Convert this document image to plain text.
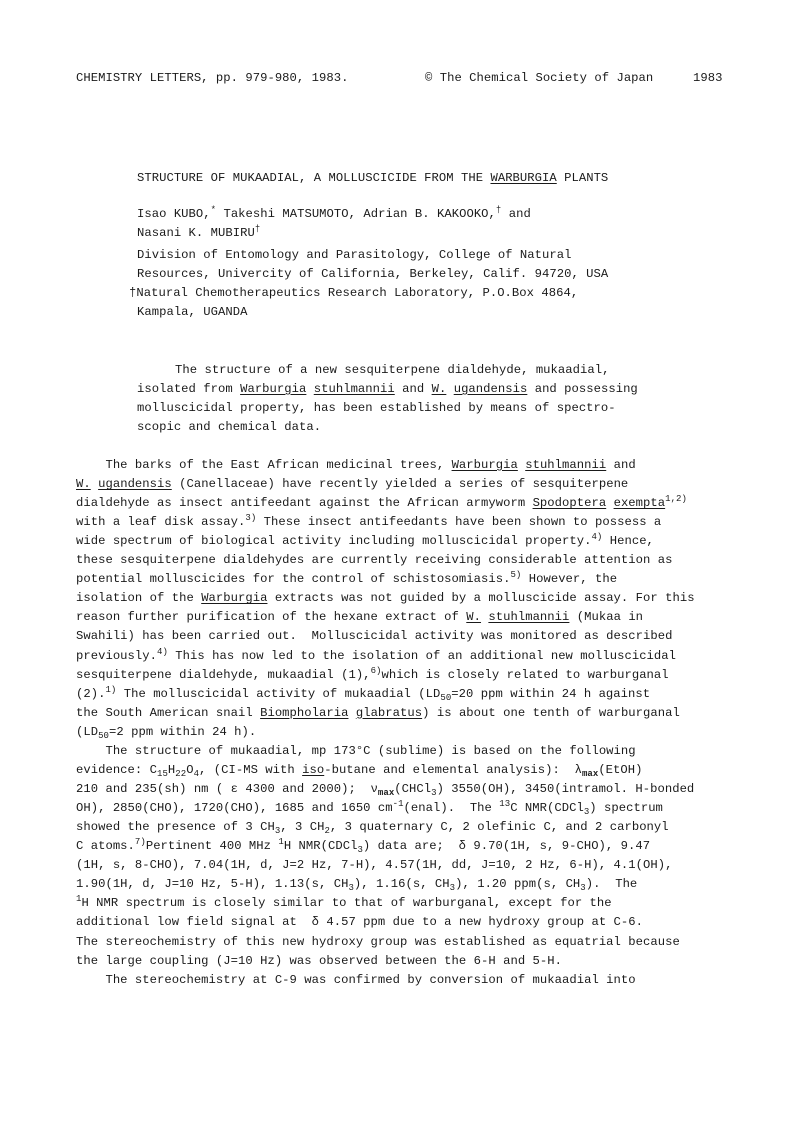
CHEMISTRY LETTERS, pp. 979-980, 1983.	© The Chemical Society of Japan	1983
STRUCTURE OF MUKAADIAL, A MOLLUSCICIDE FROM THE WARBURGIA PLANTS
Isao KUBO,* Takeshi MATSUMOTO, Adrian B. KAKOOKO,† and
Nasani K. MUBIRU†
Division of Entomology and Parasitology, College of Natural
Resources, Univercity of California, Berkeley, Calif. 94720, USA
†Natural Chemotherapeutics Research Laboratory, P.O.Box 4864,
Kampala, UGANDA
The structure of a new sesquiterpene dialdehyde, mukaadial,
isolated from Warburgia stuhlmannii and W. ugandensis and possessing
molluscicidal property, has been established by means of spectro-
scopic and chemical data.
The barks of the East African medicinal trees, Warburgia stuhlmannii and
W. ugandensis (Canellaceae) have recently yielded a series of sesquiterpene
dialdehyde as insect antifeedant against the African armyworm Spodoptera exempta$^{1,2)}$
with a leaf disk assay.$^{3)}$ These insect antifeedants have been shown to possess a
wide spectrum of biological activity including molluscicidal property.$^{4)}$ Hence,
these sesquiterpene dialdehydes are currently receiving considerable attention as
potential molluscicides for the control of schistosomiasis.$^{5)}$ However, the
isolation of the Warburgia extracts was not guided by a molluscicide assay. For this
reason further purification of the hexane extract of W. stuhlmannii (Mukaa in
Swahili) has been carried out.  Molluscicidal activity was monitored as described
previously.$^{4)}$ This has now led to the isolation of an additional new molluscicidal
sesquiterpene dialdehyde, mukaadial (1),$^{6)}$which is closely related to warburganal
(2).$^{1)}$ The molluscicidal activity of mukaadial ($LD_{50}=20$ ppm within 24 h against
the South American snail Biompholaria glabratus) is about one tenth of warburganal
($LD_{50}=2$ ppm within 24 h).
The structure of mukaadial, mp 173°C (sublime) is based on the following
evidence: $C_{15}H_{22}O_4$, (CI-MS with iso-butane and elemental analysis):  $\lambda_{max}(EtOH)$
210 and 235(sh) nm ( ε 4300 and 2000);  $\nu_{max}(CHCl_3)$ 3550(OH), 3450(intramol. H-bonded
OH), 2850(CHO), 1720(CHO), 1685 and 1650 $cm^{-1}(enal)$.  The $^{13}$C NMR(CDCl$_3$) spectrum
showed the presence of 3 $CH_3$, 3 $CH_2$, 3 quaternary C, 2 olefinic C, and 2 carbonyl
C atoms.$^{7)}$Pertinent 400 MHz $^1$H NMR(CDCl$_3$) data are;  δ 9.70(1H, s, 9-CHO), 9.47
(1H, s, 8-CHO), 7.04(1H, d, J=2 Hz, 7-H), 4.57(1H, dd, J=10, 2 Hz, 6-H), 4.1(OH),
1.90(1H, d, J=10 Hz, 5-H), 1.13(s, $CH_3$), 1.16(s, $CH_3$), 1.20 ppm(s, $CH_3$).  The
$^1$H NMR spectrum is closely similar to that of warburganal, except for the
additional low field signal at  δ 4.57 ppm due to a new hydroxy group at C-6.
The stereochemistry of this new hydroxy group was established as equatrial because
the large coupling (J=10 Hz) was observed between the 6-H and 5-H.
The stereochemistry at C-9 was confirmed by conversion of mukaadial into
